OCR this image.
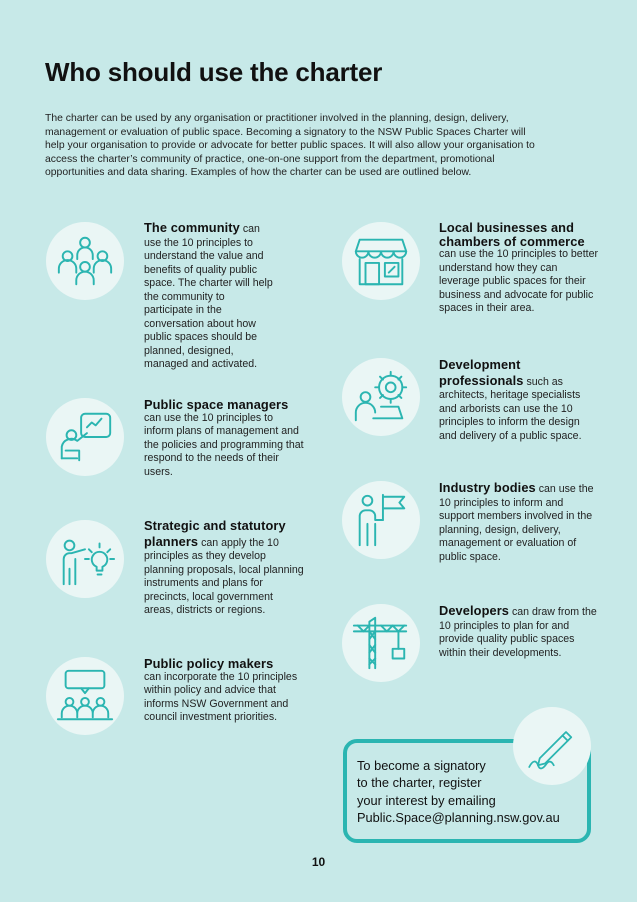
Who should use the charter
The charter can be used by any organisation or practitioner involved in the planning, design, delivery, management or evaluation of public space. Becoming a signatory to the NSW Public Spaces Charter will help your organisation to provide or advocate for better public spaces. It will also allow your organisation to access the charter’s community of practice, one-on-one support from the department, promotional opportunities and data sharing. Examples of how the charter can be used are outlined below.
The community can use the 10 principles to understand the value and benefits of quality public space. The charter will help the community to participate in the conversation about how public spaces should be planned, designed, managed and activated.
Public space managers
can use the 10 principles to inform plans of management and the policies and programming that respond to the needs of their users.
Strategic and statutory planners can apply the 10 principles as they develop planning proposals, local planning instruments and plans for precincts, local government areas, districts or regions.
Public policy makers
can incorporate the 10 principles within policy and advice that informs NSW Government and council investment priorities.
Local businesses and chambers of commerce
can use the 10 principles to better understand how they can leverage public spaces for their business and advocate for public spaces in their area.
Development professionals such as architects, heritage specialists and arborists can use the 10 principles to inform the design and delivery of a public space.
Industry bodies can use the 10 principles to inform and support members involved in the planning, design, delivery, management or evaluation of public space.
Developers can draw from the 10 principles to plan for and provide quality public spaces within their developments.
To become a signatory
to the charter, register
your interest by emailing
Public.Space@planning.nsw.gov.au
10
